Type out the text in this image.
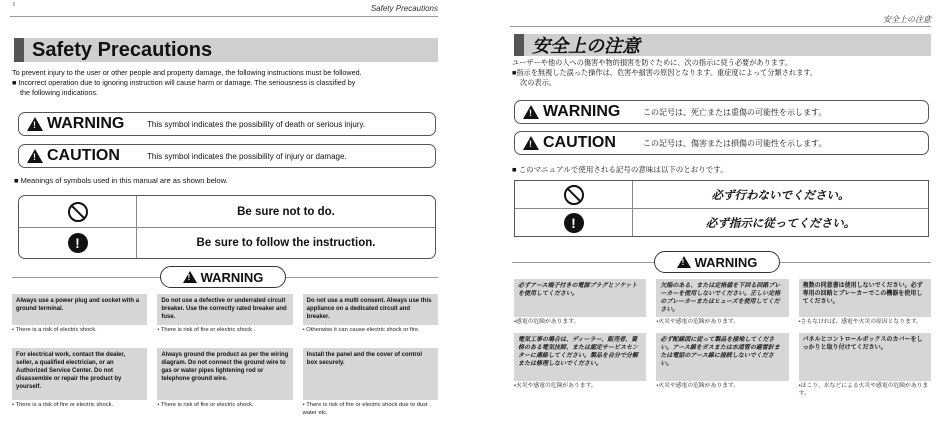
ı	Safety Precautions
Safety Precautions
To prevent injury to the user or other people and property damage, the following instructions must be followed.
■ Incorrect operation due to ignoring instruction will cause harm or damage. The seriousness is classified by
the following indications.
!
WARNING	This symbol indicates the possibility of death or serious injury.
!
CAUTION	This symbol indicates the possibility of injury or damage.
■ Meanings of symbols used in this manual are as shown below.
Be sure not to do.
!	Be sure to follow the instruction.
!
WARNING
Always use a power plug and socket with a ground terminal.
• There is a risk of electric shock.
Do not use a defective or underrated circuit breaker. Use the correctly rated breaker and fuse.
• There is risk of fire or electric shock .
Do not use a multi consent. Always use this appliance on a dedicated circuit and breaker.
• Otherwise it can cause electric shock or fire.
For electrical work, contact the dealer, seller, a qualified electrician, or an Authorized Service Center. Do not disassemble or repair the product by yourself.
• There is a risk of fire or electric shock.
Always ground the product as per the wiring diagram. Do not connect the ground wire to gas or water pipes lightening rod or telephone ground wire.
• There is risk of fire or electric shock.
Install the panel and the cover of control box securely.
• There is risk of fire or electric shock due to dust , water etc.
安全上の注意
安全上の注意
ユーザーや他の人への傷害や物的損害を防ぐために、次の指示に従う必要があります。
■指示を無視した誤った操作は、危害や損害の原因となります。重症度によって分類されます。
次の表示。
!
WARNING	この記号は、死亡または重傷の可能性を示します。
!
CAUTION	この記号は、傷害または損傷の可能性を示します。
■ このマニュアルで使用される記号の意味は以下のとおりです。
必ず行わないでください。
!	必ず指示に従ってください。
!
WARNING
必ずアース端子付きの電源プラグとソケットを使用してください。
•感電の危険があります。
欠陥のある、または定格値を下回る回路ブレーカーを使用しないでください。正しい定格のブレーカーまたはヒューズを使用してください。
•火災や感電の危険があります。
複数の同意書は使用しないでください。必ず専用の回路とブレーカーでこの機器を使用してください。
•さもなければ、感電や火災の原因となります。
電気工事の場合は、ディーラー、販売者、資格のある電気技師、または認定サービスセンターに連絡してください。製品を自分で分解または修理しないでください。
•火災や感電の危険があります。
必ず配線図に従って製品を接地してください。アース線をガスまたは水道管の避雷針または電話のアース線に接続しないでください。
•火災や感電の危険があります。
パネルとコントロールボックスのカバーをしっかりと取り付けてください。
•ほこり、水などによる火災や感電の危険があります。
